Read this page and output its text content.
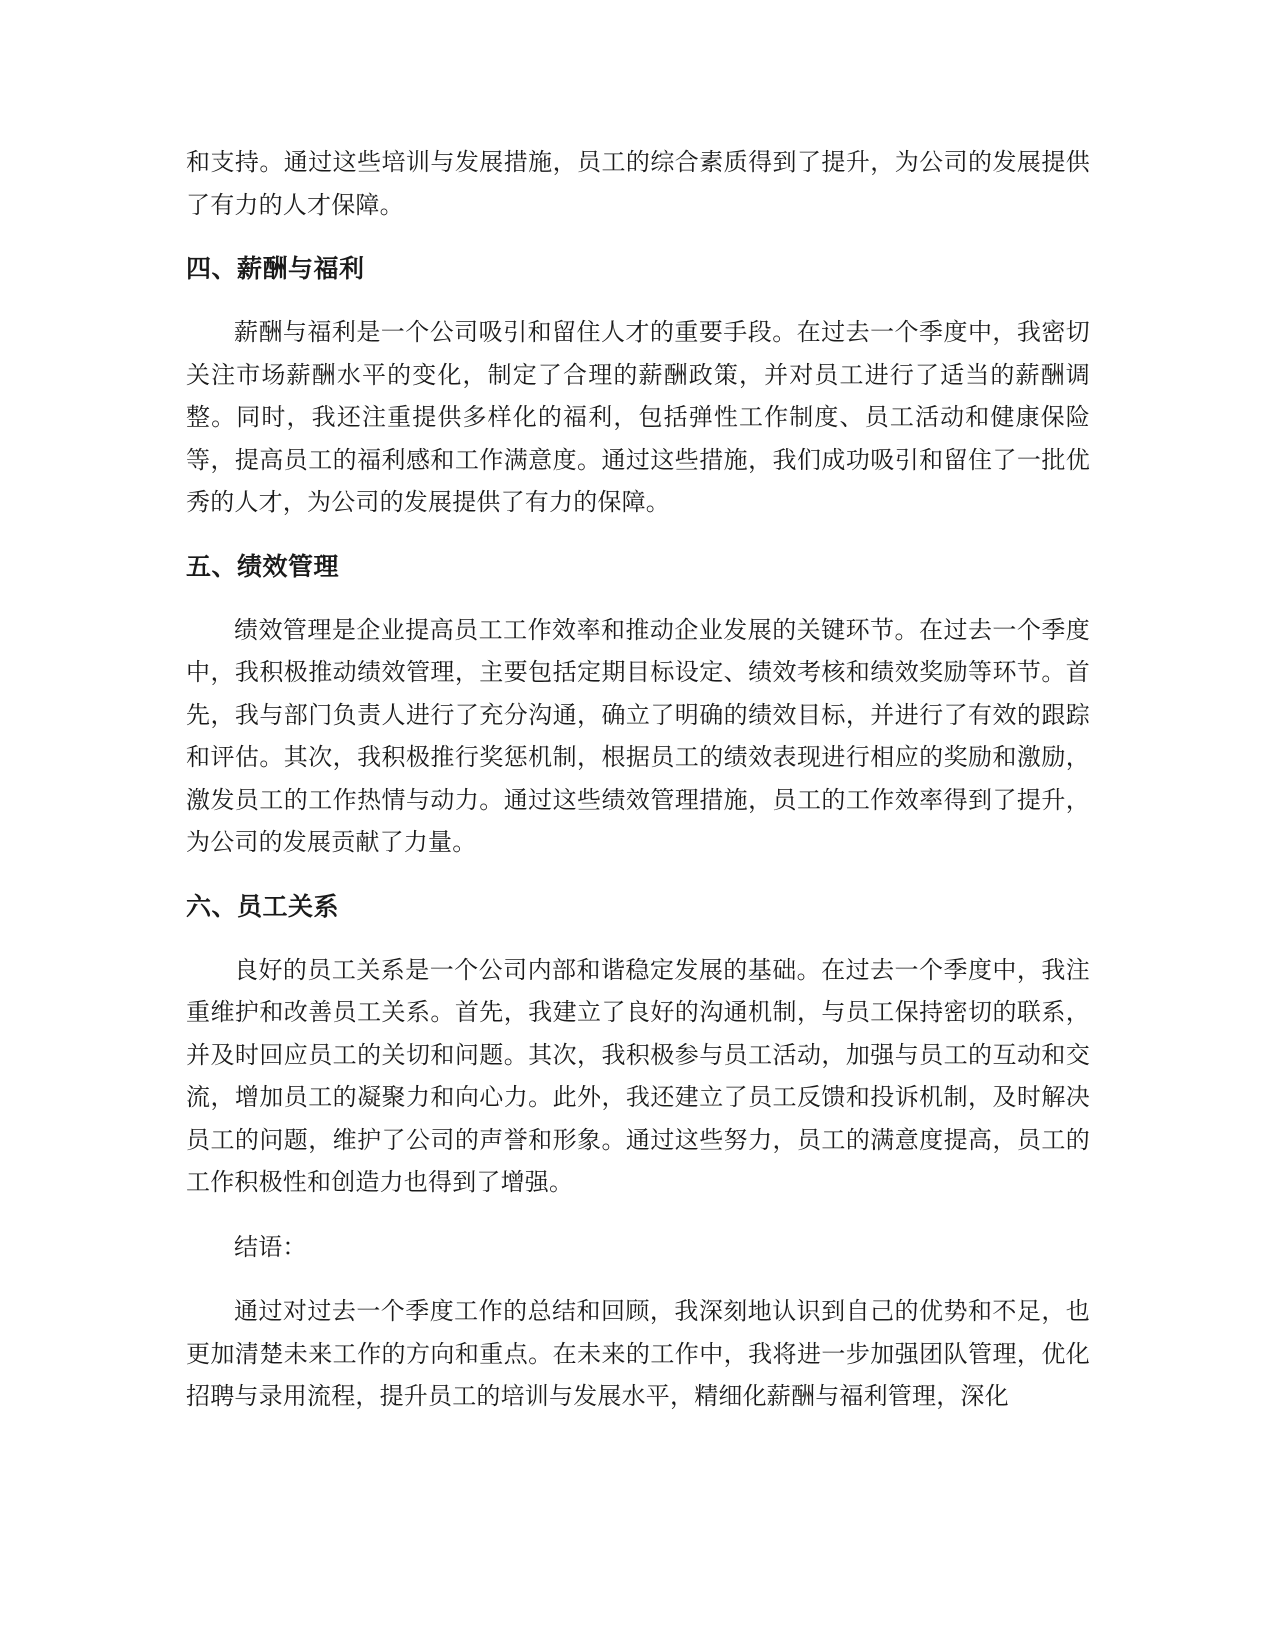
和支持。通过这些培训与发展措施，员工的综合素质得到了提升，为公司的发展提供了有力的人才保障。

四、薪酬与福利

薪酬与福利是一个公司吸引和留住人才的重要手段。在过去一个季度中，我密切关注市场薪酬水平的变化，制定了合理的薪酬政策，并对员工进行了适当的薪酬调整。同时，我还注重提供多样化的福利，包括弹性工作制度、员工活动和健康保险等，提高员工的福利感和工作满意度。通过这些措施，我们成功吸引和留住了一批优秀的人才，为公司的发展提供了有力的保障。

五、绩效管理

绩效管理是企业提高员工工作效率和推动企业发展的关键环节。在过去一个季度中，我积极推动绩效管理，主要包括定期目标设定、绩效考核和绩效奖励等环节。首先，我与部门负责人进行了充分沟通，确立了明确的绩效目标，并进行了有效的跟踪和评估。其次，我积极推行奖惩机制，根据员工的绩效表现进行相应的奖励和激励，激发员工的工作热情与动力。通过这些绩效管理措施，员工的工作效率得到了提升，为公司的发展贡献了力量。

六、员工关系

良好的员工关系是一个公司内部和谐稳定发展的基础。在过去一个季度中，我注重维护和改善员工关系。首先，我建立了良好的沟通机制，与员工保持密切的联系，并及时回应员工的关切和问题。其次，我积极参与员工活动，加强与员工的互动和交流，增加员工的凝聚力和向心力。此外，我还建立了员工反馈和投诉机制，及时解决员工的问题，维护了公司的声誉和形象。通过这些努力，员工的满意度提高，员工的工作积极性和创造力也得到了增强。

结语：

通过对过去一个季度工作的总结和回顾，我深刻地认识到自己的优势和不足，也更加清楚未来工作的方向和重点。在未来的工作中，我将进一步加强团队管理，优化招聘与录用流程，提升员工的培训与发展水平，精细化薪酬与福利管理，深化
